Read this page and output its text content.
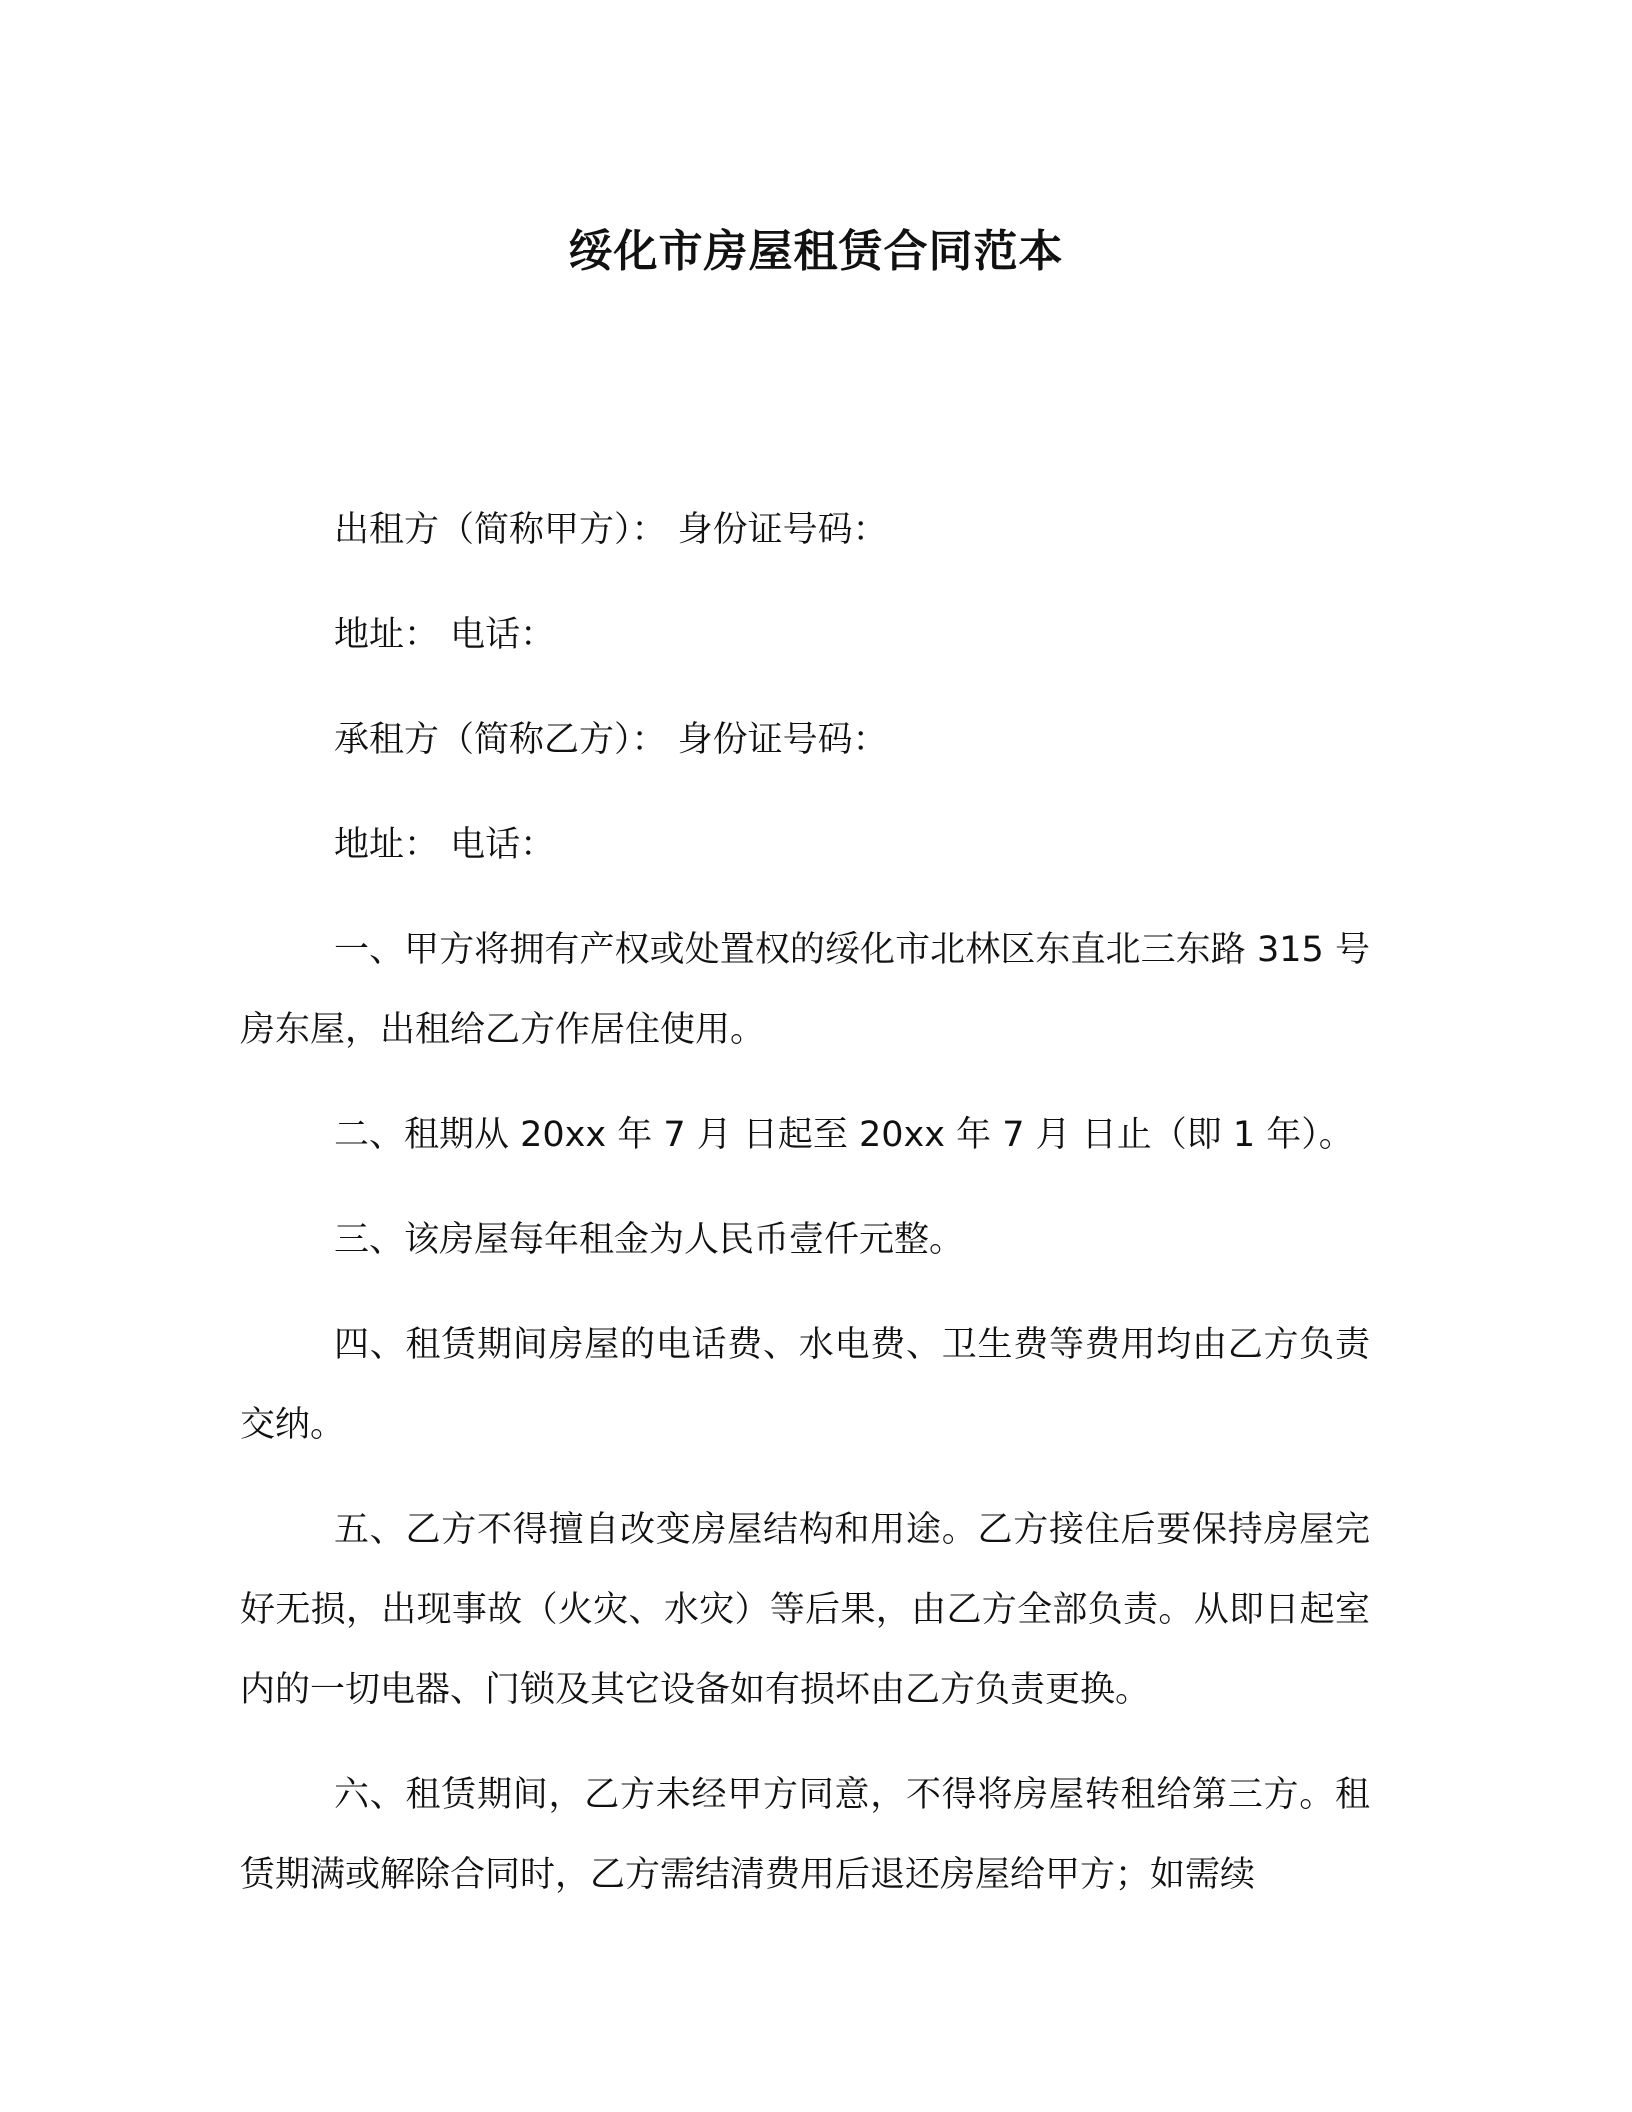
绥化市房屋租赁合同范本

出租方（简称甲方）： 身份证号码：

地址： 电话：

承租方（简称乙方）： 身份证号码：

地址： 电话：

一、甲方将拥有产权或处置权的绥化市北林区东直北三东路 315 号房东屋，出租给乙方作居住使用。

二、租期从 20xx 年 7 月 日起至 20xx 年 7 月 日止（即 1 年）。

三、该房屋每年租金为人民币壹仟元整。

四、租赁期间房屋的电话费、水电费、卫生费等费用均由乙方负责交纳。

五、乙方不得擅自改变房屋结构和用途。乙方接住后要保持房屋完好无损，出现事故（火灾、水灾）等后果，由乙方全部负责。从即日起室内的一切电器、门锁及其它设备如有损坏由乙方负责更换。

六、租赁期间，乙方未经甲方同意，不得将房屋转租给第三方。租赁期满或解除合同时，乙方需结清费用后退还房屋给甲方；如需续
